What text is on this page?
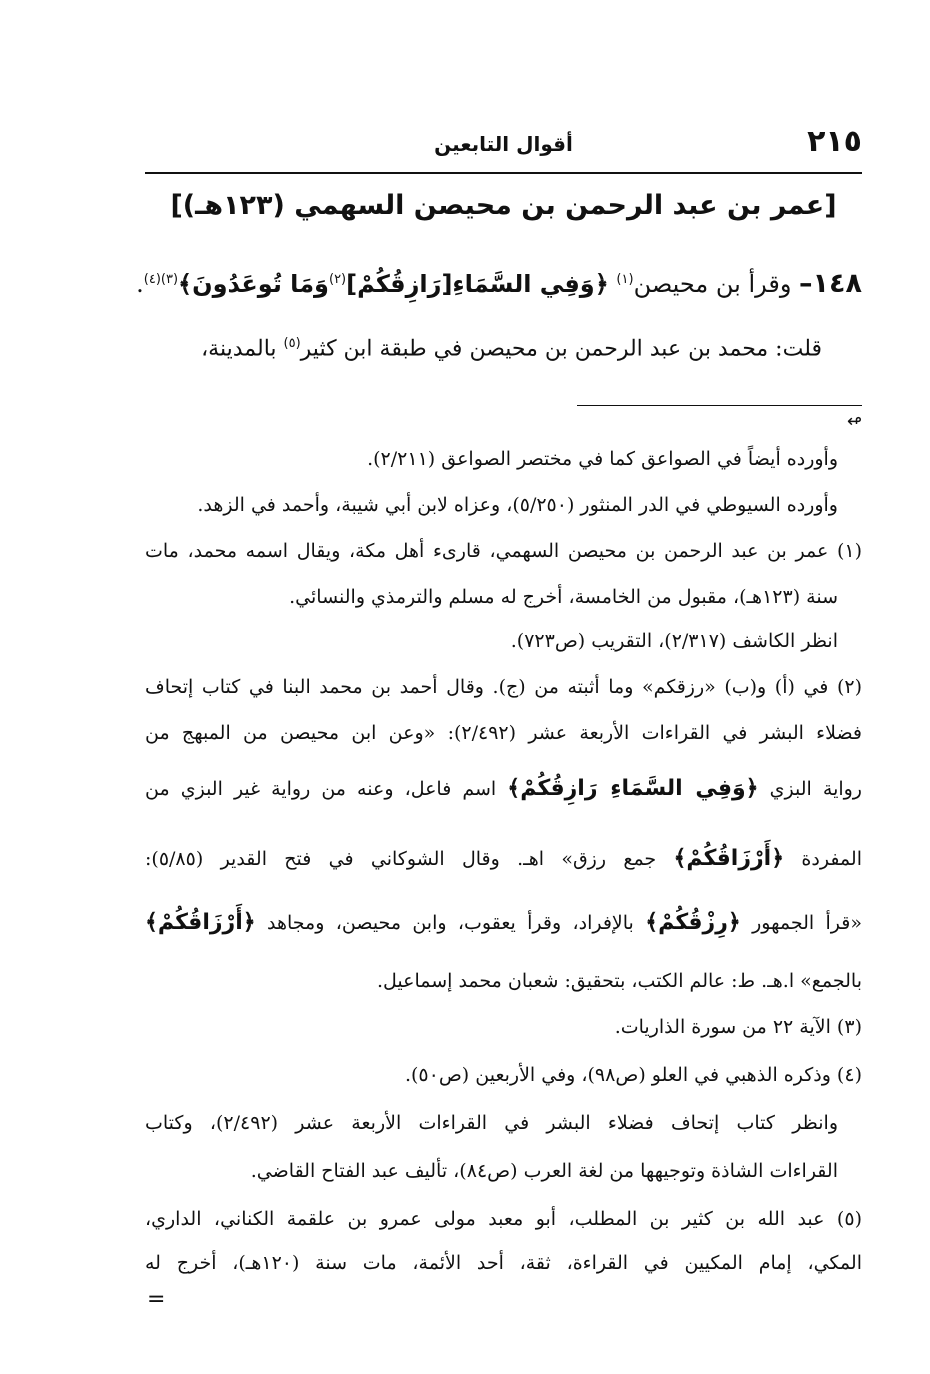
٢١٥
أقوال التابعين
[عمر بن عبد الرحمن بن محيصن السهمي (١٢٣هـ)]
١٤٨– وقرأ بن محيصن$^{(١)}$ ﴿وَفِي السَّمَاءِ[رَازِقُكُمْ]$^{(٢)}$وَمَا تُوعَدُونَ﴾$^{(٣)(٤)}$.
قلت: محمد بن عبد الرحمن بن محيصن في طبقة ابن كثير$^{(٥)}$ بالمدينة،
↫
وأورده أيضاً في الصواعق كما في مختصر الصواعق (٢/٢١١).
وأورده السيوطي في الدر المنثور (٥/٢٥٠)، وعزاه لابن أبي شيبة، وأحمد في الزهد.
(١) عمر بن عبد الرحمن بن محيصن السهمي، قارىء أهل مكة، ويقال اسمه محمد، مات
سنة (١٢٣هـ)، مقبول من الخامسة، أخرج له مسلم والترمذي والنسائي.
انظر الكاشف (٢/٣١٧)، التقريب (ص٧٢٣).
(٢) في (أ) و(ب) «رزقكم» وما أثبته من (ج). وقال أحمد بن محمد البنا في كتاب إتحاف
فضلاء البشر في القراءات الأربعة عشر (٢/٤٩٢): «وعن ابن محيصن من المبهج من
رواية البزي ﴿وَفِي السَّمَاءِ رَازِقُكُمْ﴾ اسم فاعل، وعنه من رواية غير البزي من
المفردة ﴿أَرْزَاقُكُمْ﴾ جمع رزق» اهـ. وقال الشوكاني في فتح القدير (٥/٨٥):
«قرأ الجمهور ﴿رِزْقُكُمْ﴾ بالإفراد، وقرأ يعقوب، وابن محيصن، ومجاهد ﴿أَرْزَاقُكُمْ﴾
بالجمع» ا.هـ. ط: عالم الكتب، بتحقيق: شعبان محمد إسماعيل.
(٣) الآية ٢٢ من سورة الذاريات.
(٤) وذكره الذهبي في العلو (ص٩٨)، وفي الأربعين (ص٥٠).
وانظر كتاب إتحاف فضلاء البشر في القراءات الأربعة عشر (٢/٤٩٢)، وكتاب
القراءات الشاذة وتوجيهها من لغة العرب (ص٨٤)، تأليف عبد الفتاح القاضي.
(٥) عبد الله بن كثير بن المطلب، أبو معبد مولى عمرو بن علقمة الكناني، الداري،
المكي، إمام المكيين في القراءة، ثقة، أحد الأئمة، مات سنة (١٢٠هـ)، أخرج له
=
